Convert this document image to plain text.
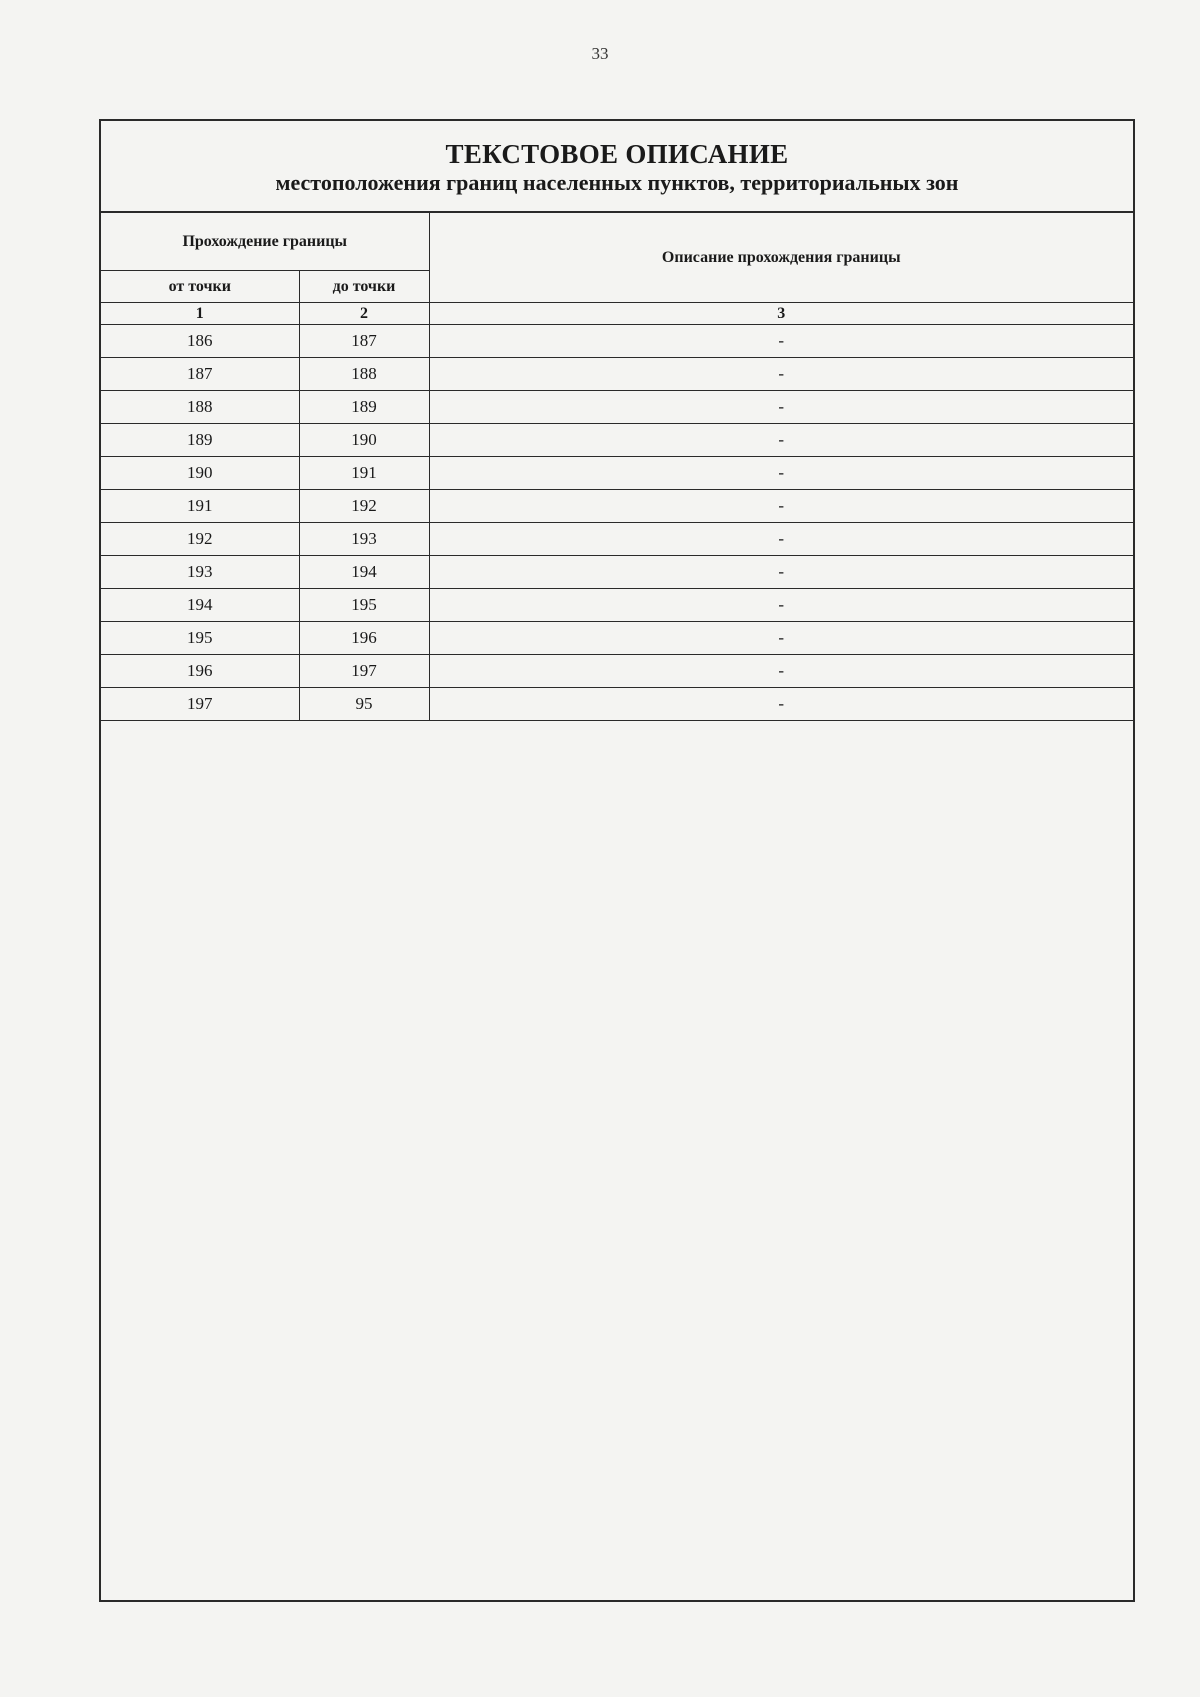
33
ТЕКСТОВОЕ ОПИСАНИЕ
местоположения границ населенных пунктов, территориальных зон
Прохождение границы		Описание прохождения границы
от точки	до точки	
1	2	3
186	187	-
187	188	-
188	189	-
189	190	-
190	191	-
191	192	-
192	193	-
193	194	-
194	195	-
195	196	-
196	197	-
197	95	-
